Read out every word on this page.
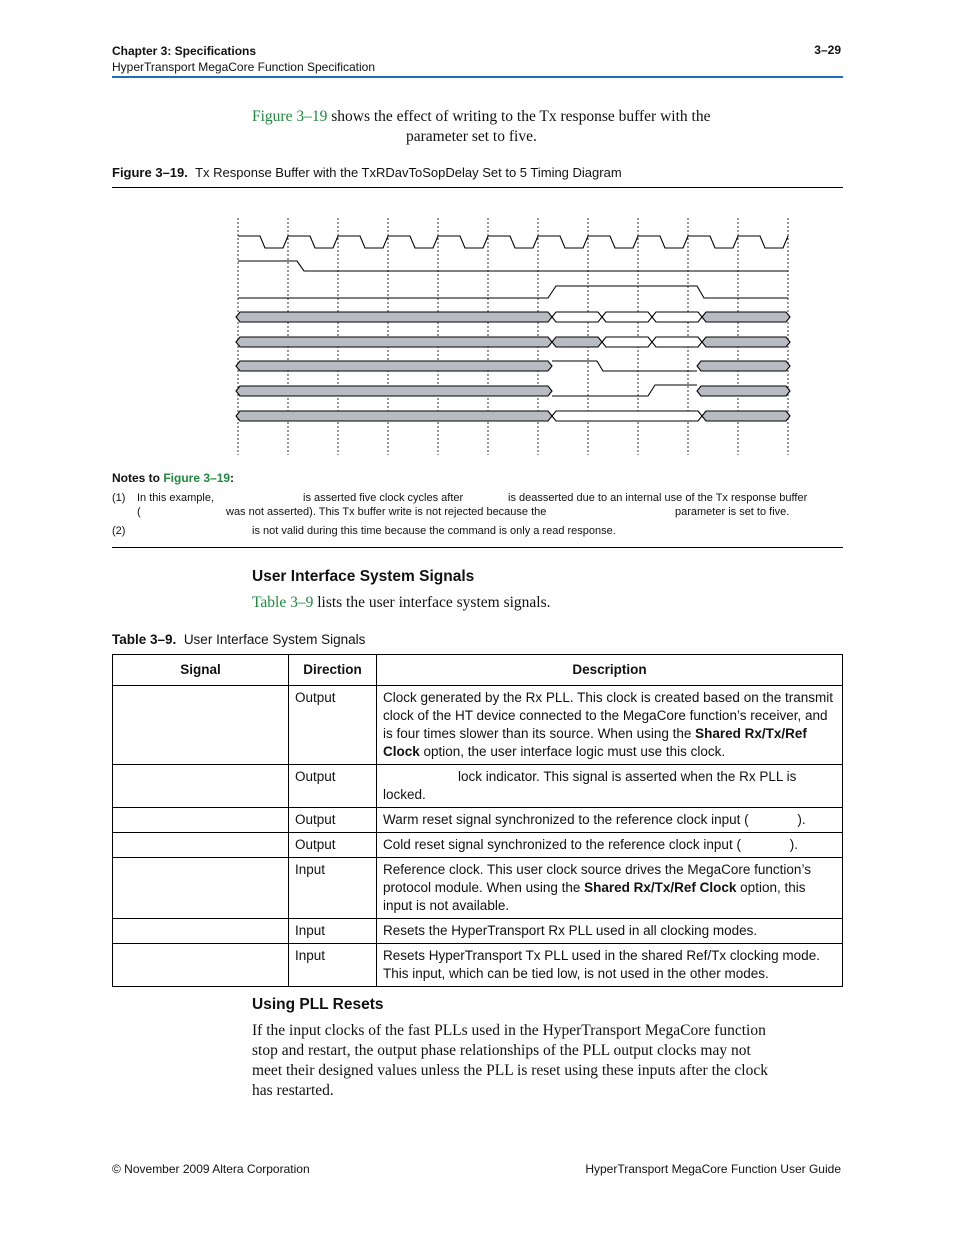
Chapter 3: Specifications
HyperTransport MegaCore Function Specification
3–29
Figure 3–19 shows the effect of writing to the Tx response buffer with the
parameter set to five.
Figure 3–19. Tx Response Buffer with the TxRDavToSopDelay Set to 5 Timing Diagram
Notes to Figure 3–19:
(1) In this example,	is asserted five clock cycles after	is deasserted due to an internal use of the Tx response buffer
(	was not asserted). This Tx buffer write is not rejected because the	parameter is set to five.
(2)	is not valid during this time because the command is only a read response.
User Interface System Signals
Table 3–9 lists the user interface system signals.
Table 3–9. User Interface System Signals
Signal	Direction	Description
	Output	Clock generated by the Rx PLL. This clock is created based on the transmit clock of the HT device connected to the MegaCore function’s receiver, and is four times slower than its source. When using the Shared Rx/Tx/Ref Clock option, the user interface logic must use this clock.
	Output	lock indicator. This signal is asserted when the Rx PLL is locked.
	Output	Warm reset signal synchronized to the reference clock input (             ).
	Output	Cold reset signal synchronized to the reference clock input (             ).
	Input	Reference clock. This user clock source drives the MegaCore function’s protocol module. When using the Shared Rx/Tx/Ref Clock option, this input is not available.
	Input	Resets the HyperTransport Rx PLL used in all clocking modes.
	Input	Resets HyperTransport Tx PLL used in the shared Ref/Tx clocking mode. This input, which can be tied low, is not used in the other modes.
Using PLL Resets
If the input clocks of the fast PLLs used in the HyperTransport MegaCore function
stop and restart, the output phase relationships of the PLL output clocks may not
meet their designed values unless the PLL is reset using these inputs after the clock
has restarted.
© November 2009 Altera Corporation	HyperTransport MegaCore Function User Guide
